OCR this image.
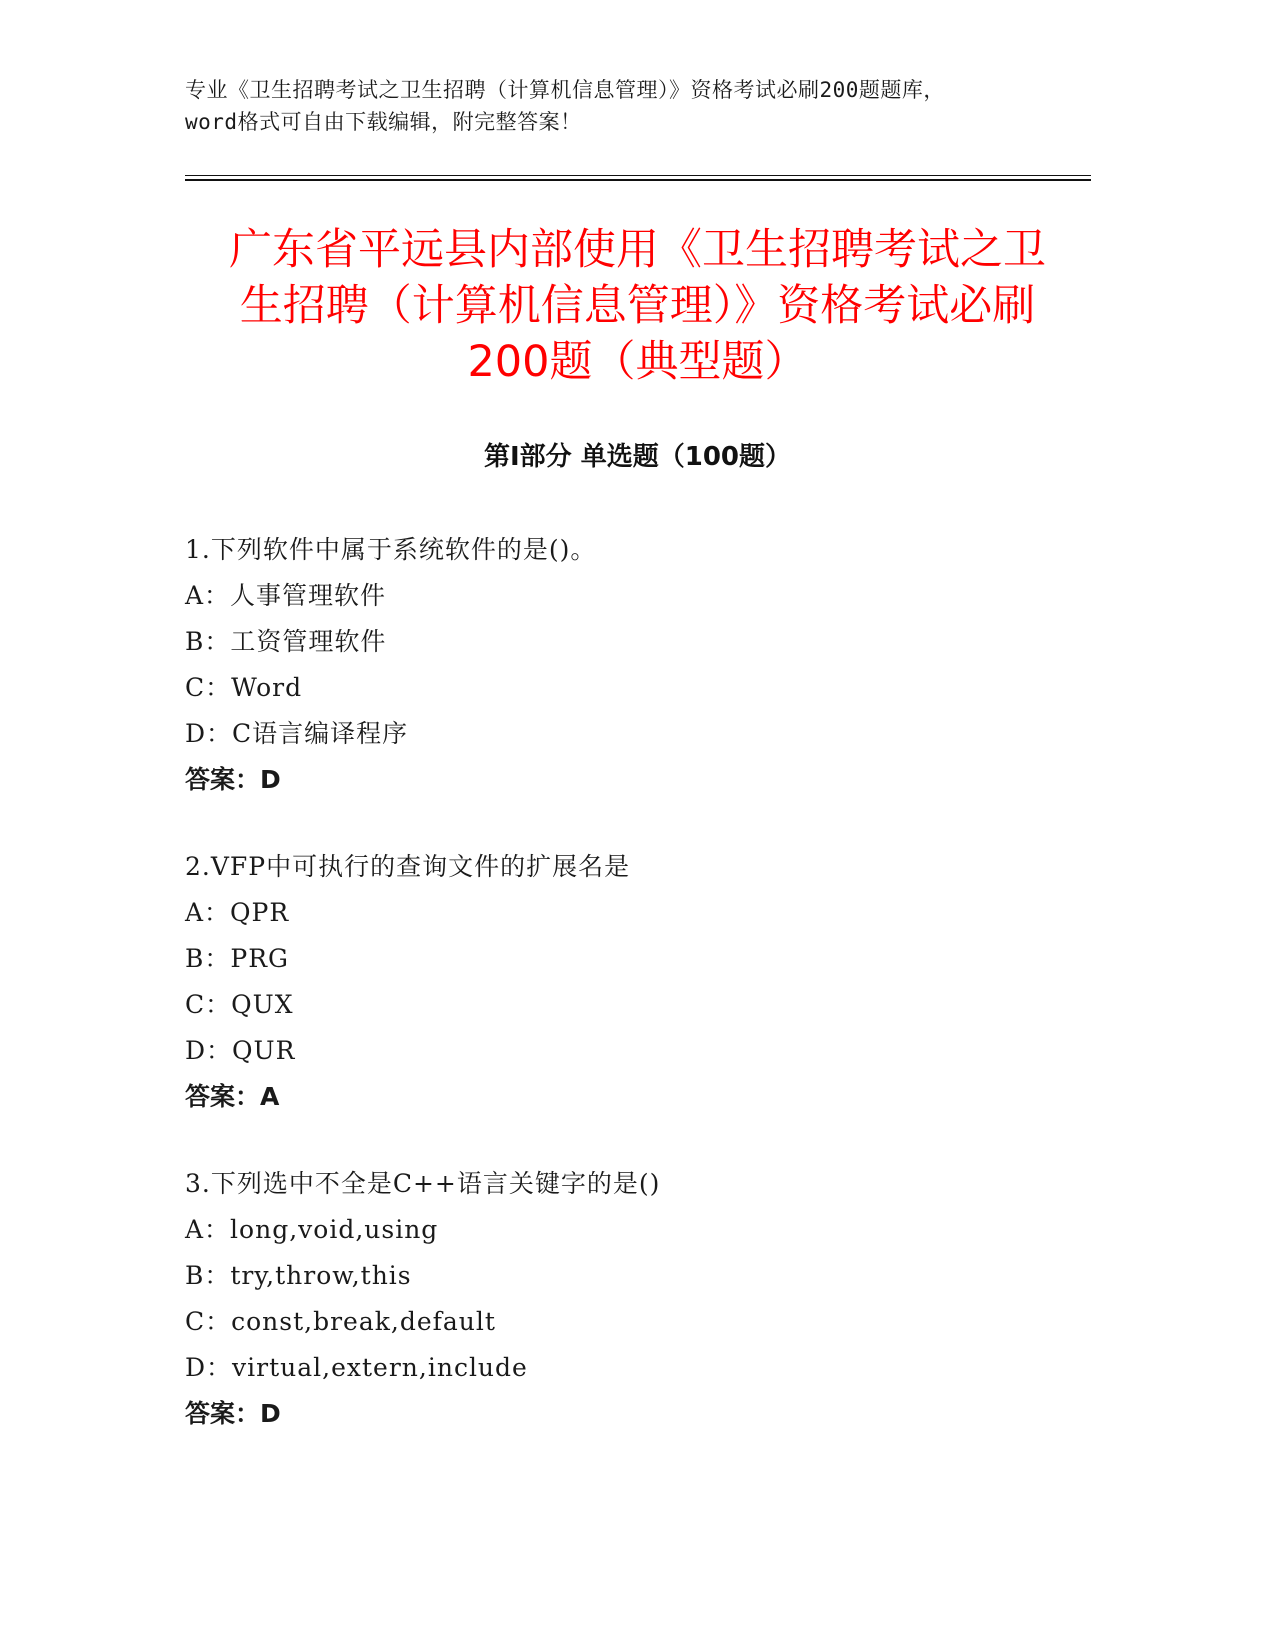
专业《卫生招聘考试之卫生招聘（计算机信息管理）》资格考试必刷200题题库，
word格式可自由下载编辑，附完整答案！
广东省平远县内部使用《卫生招聘考试之卫
生招聘（计算机信息管理）》资格考试必刷
200题（典型题）
第Ⅰ部分 单选题（100题）
1.下列软件中属于系统软件的是()。
A：人事管理软件
B：工资管理软件
C：Word
D：C语言编译程序
答案：D
2.VFP中可执行的查询文件的扩展名是
A：QPR
B：PRG
C：QUX
D：QUR
答案：A
3.下列选中不全是C++语言关键字的是()
A：long,void,using
B：try,throw,this
C：const,break,default
D：virtual,extern,include
答案：D
